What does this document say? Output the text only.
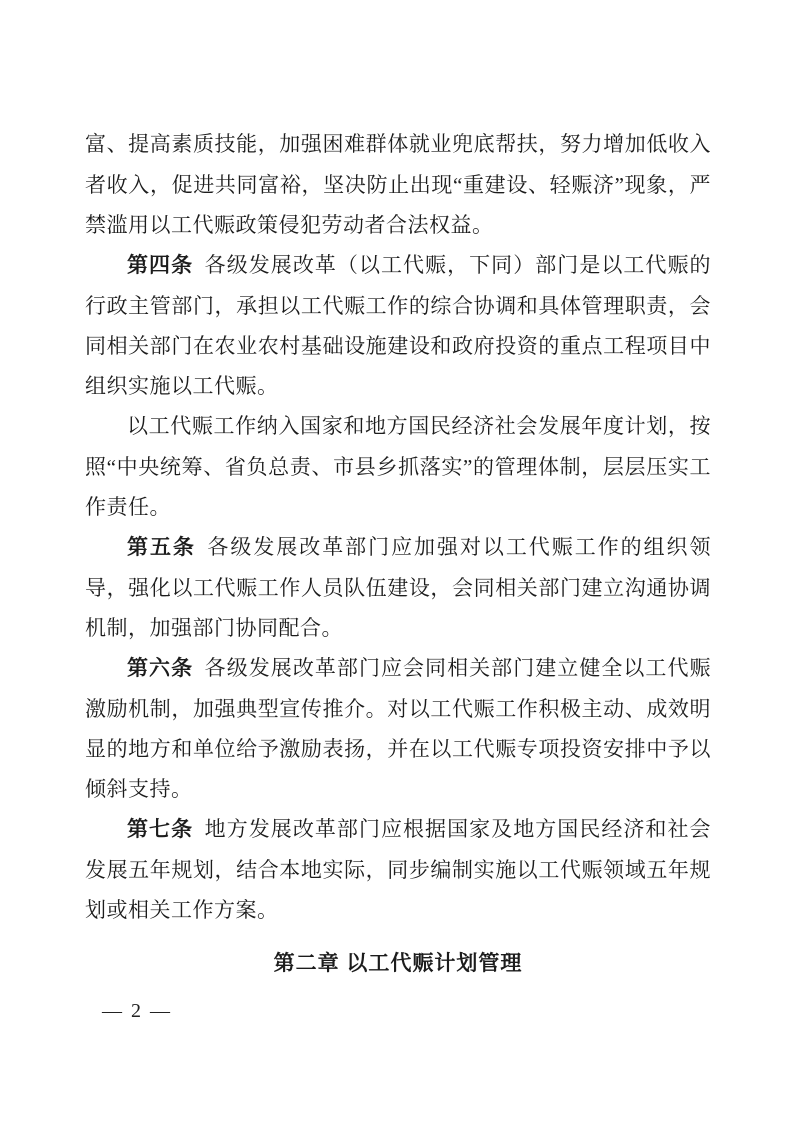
富、提高素质技能，加强困难群体就业兜底帮扶，努力增加低收入者收入，促进共同富裕，坚决防止出现“重建设、轻赈济”现象，严禁滥用以工代赈政策侵犯劳动者合法权益。

第四条 各级发展改革（以工代赈，下同）部门是以工代赈的行政主管部门，承担以工代赈工作的综合协调和具体管理职责，会同相关部门在农业农村基础设施建设和政府投资的重点工程项目中组织实施以工代赈。

以工代赈工作纳入国家和地方国民经济社会发展年度计划，按照“中央统筹、省负总责、市县乡抓落实”的管理体制，层层压实工作责任。

第五条 各级发展改革部门应加强对以工代赈工作的组织领导，强化以工代赈工作人员队伍建设，会同相关部门建立沟通协调机制，加强部门协同配合。

第六条 各级发展改革部门应会同相关部门建立健全以工代赈激励机制，加强典型宣传推介。对以工代赈工作积极主动、成效明显的地方和单位给予激励表扬，并在以工代赈专项投资安排中予以倾斜支持。

第七条 地方发展改革部门应根据国家及地方国民经济和社会发展五年规划，结合本地实际，同步编制实施以工代赈领域五年规划或相关工作方案。

第二章 以工代赈计划管理
— 2 —
